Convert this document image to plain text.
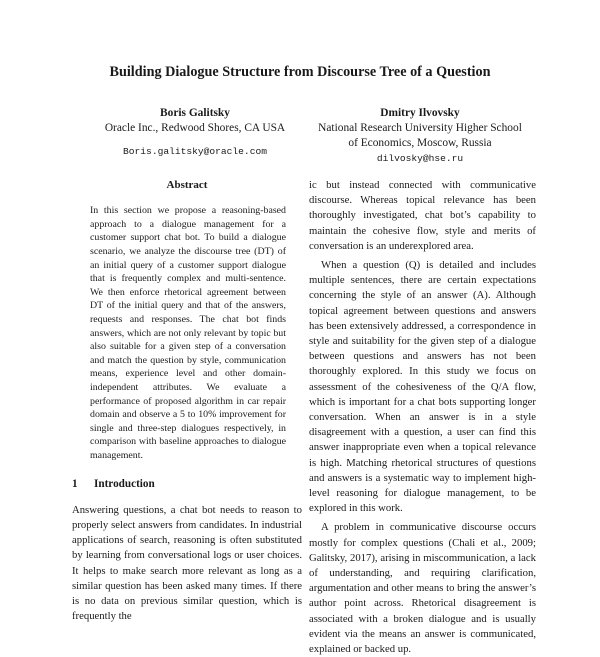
Building Dialogue Structure from Discourse Tree of a Question
Boris Galitsky
Oracle Inc., Redwood Shores, CA USA
Boris.galitsky@oracle.com
Dmitry Ilvovsky
National Research University Higher School
of Economics, Moscow, Russia
dilvosky@hse.ru
Abstract

In this section we propose a reasoning-based approach to a dialogue management for a customer support chat bot. To build a dialogue scenario, we analyze the discourse tree (DT) of an initial query of a customer support dialogue that is frequently complex and multi-sentence. We then enforce rhetorical agreement between DT of the initial query and that of the answers, requests and responses. The chat bot finds answers, which are not only relevant by topic but also suitable for a given step of a conversation and match the question by style, communication means, experience level and other domain-independent attributes. We evaluate a performance of proposed algorithm in car repair domain and observe a 5 to 10% improvement for single and three-step dialogues respectively, in comparison with baseline approaches to dialogue management.

1 Introduction

Answering questions, a chat bot needs to reason to properly select answers from candidates. In industrial applications of search, reasoning is often substituted by learning from conversational logs or user choices. It helps to make search more relevant as long as a similar question has been asked many times. If there is no data on previous similar question, which is frequently the

ic but instead connected with communicative discourse. Whereas topical relevance has been thoroughly investigated, chat bot’s capability to maintain the cohesive flow, style and merits of conversation is an underexplored area.

When a question (Q) is detailed and includes multiple sentences, there are certain expectations concerning the style of an answer (A). Although topical agreement between questions and answers has been extensively addressed, a correspondence in style and suitability for the given step of a dialogue between questions and answers has not been thoroughly explored. In this study we focus on assessment of the cohesiveness of the Q/A flow, which is important for a chat bots supporting longer conversation. When an answer is in a style disagreement with a question, a user can find this answer inappropriate even when a topical relevance is high. Matching rhetorical structures of questions and answers is a systematic way to implement high-level reasoning for dialogue management, to be explored in this work.

A problem in communicative discourse occurs mostly for complex questions (Chali et al., 2009; Galitsky, 2017), arising in miscommunication, a lack of understanding, and requiring clarification, argumentation and other means to bring the answer’s author point across. Rhetorical disagreement is associated with a broken dialogue and is usually evident via the means an answer is communicated, explained or backed up.
